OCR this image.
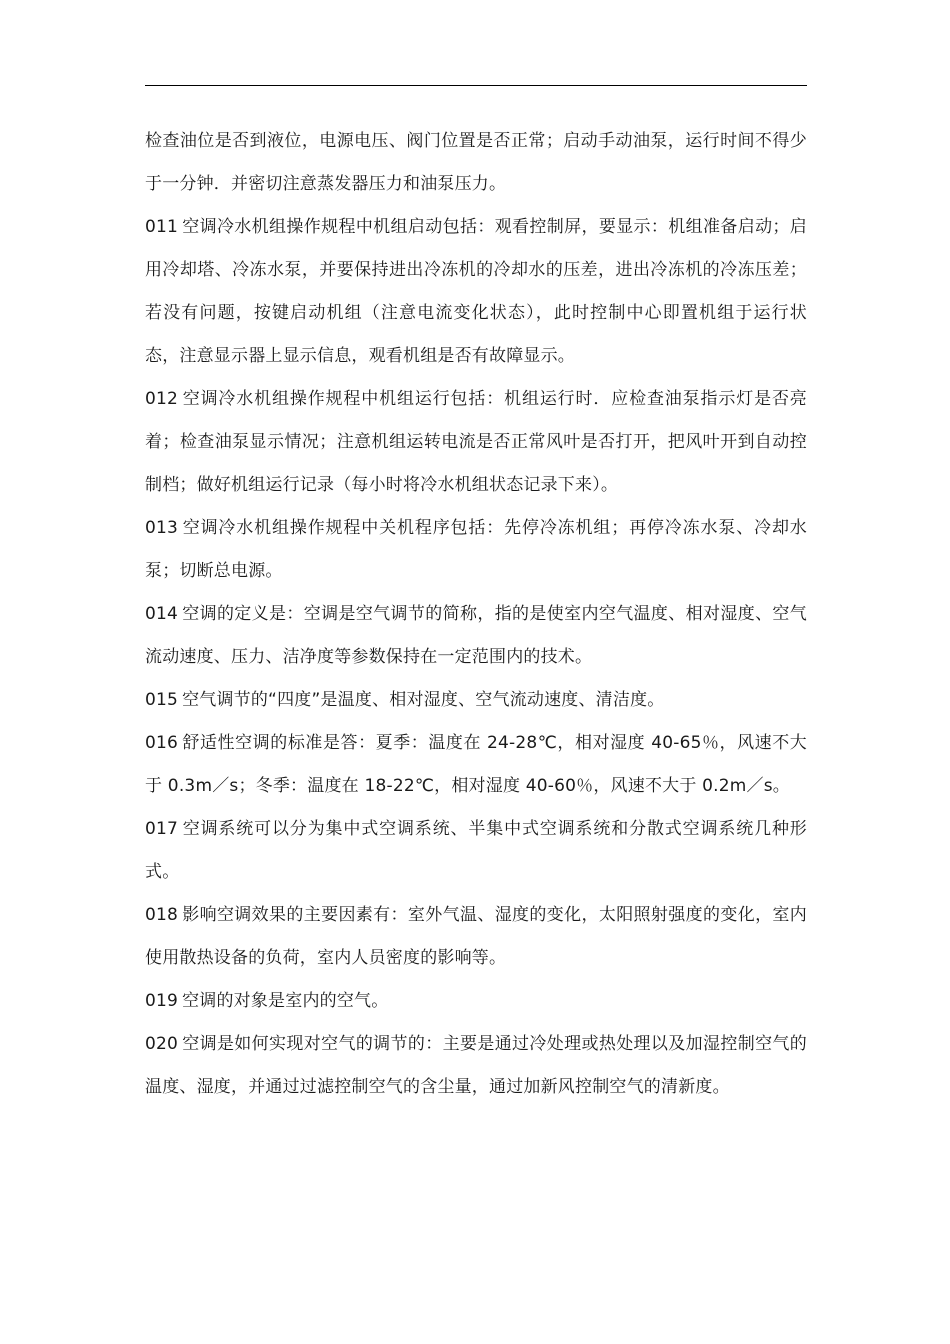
检查油位是否到液位，电源电压、阀门位置是否正常；启动手动油泵，运行时间不得少于一分钟．并密切注意蒸发器压力和油泵压力。

011 空调冷水机组操作规程中机组启动包括：观看控制屏，要显示：机组准备启动；启用冷却塔、冷冻水泵，并要保持进出冷冻机的冷却水的压差，进出冷冻机的冷冻压差；若没有问题，按键启动机组（注意电流变化状态），此时控制中心即置机组于运行状态，注意显示器上显示信息，观看机组是否有故障显示。

012 空调冷水机组操作规程中机组运行包括：机组运行时．应检查油泵指示灯是否亮着；检查油泵显示情况；注意机组运转电流是否正常风叶是否打开，把风叶开到自动控制档；做好机组运行记录（每小时将冷水机组状态记录下来）。

013 空调冷水机组操作规程中关机程序包括：先停冷冻机组；再停冷冻水泵、冷却水泵；切断总电源。

014 空调的定义是：空调是空气调节的简称，指的是使室内空气温度、相对湿度、空气流动速度、压力、洁净度等参数保持在一定范围内的技术。

015 空气调节的“四度”是温度、相对湿度、空气流动速度、清洁度。

016 舒适性空调的标准是答：夏季：温度在 24-28℃，相对湿度 40-65％，风速不大于 0.3m／s；冬季：温度在 18-22℃，相对湿度 40-60％，风速不大于 0.2m／s。

017 空调系统可以分为集中式空调系统、半集中式空调系统和分散式空调系统几种形式。

018 影响空调效果的主要因素有：室外气温、湿度的变化，太阳照射强度的变化，室内使用散热设备的负荷，室内人员密度的影响等。

019 空调的对象是室内的空气。

020 空调是如何实现对空气的调节的：主要是通过冷处理或热处理以及加湿控制空气的温度、湿度，并通过过滤控制空气的含尘量，通过加新风控制空气的清新度。
